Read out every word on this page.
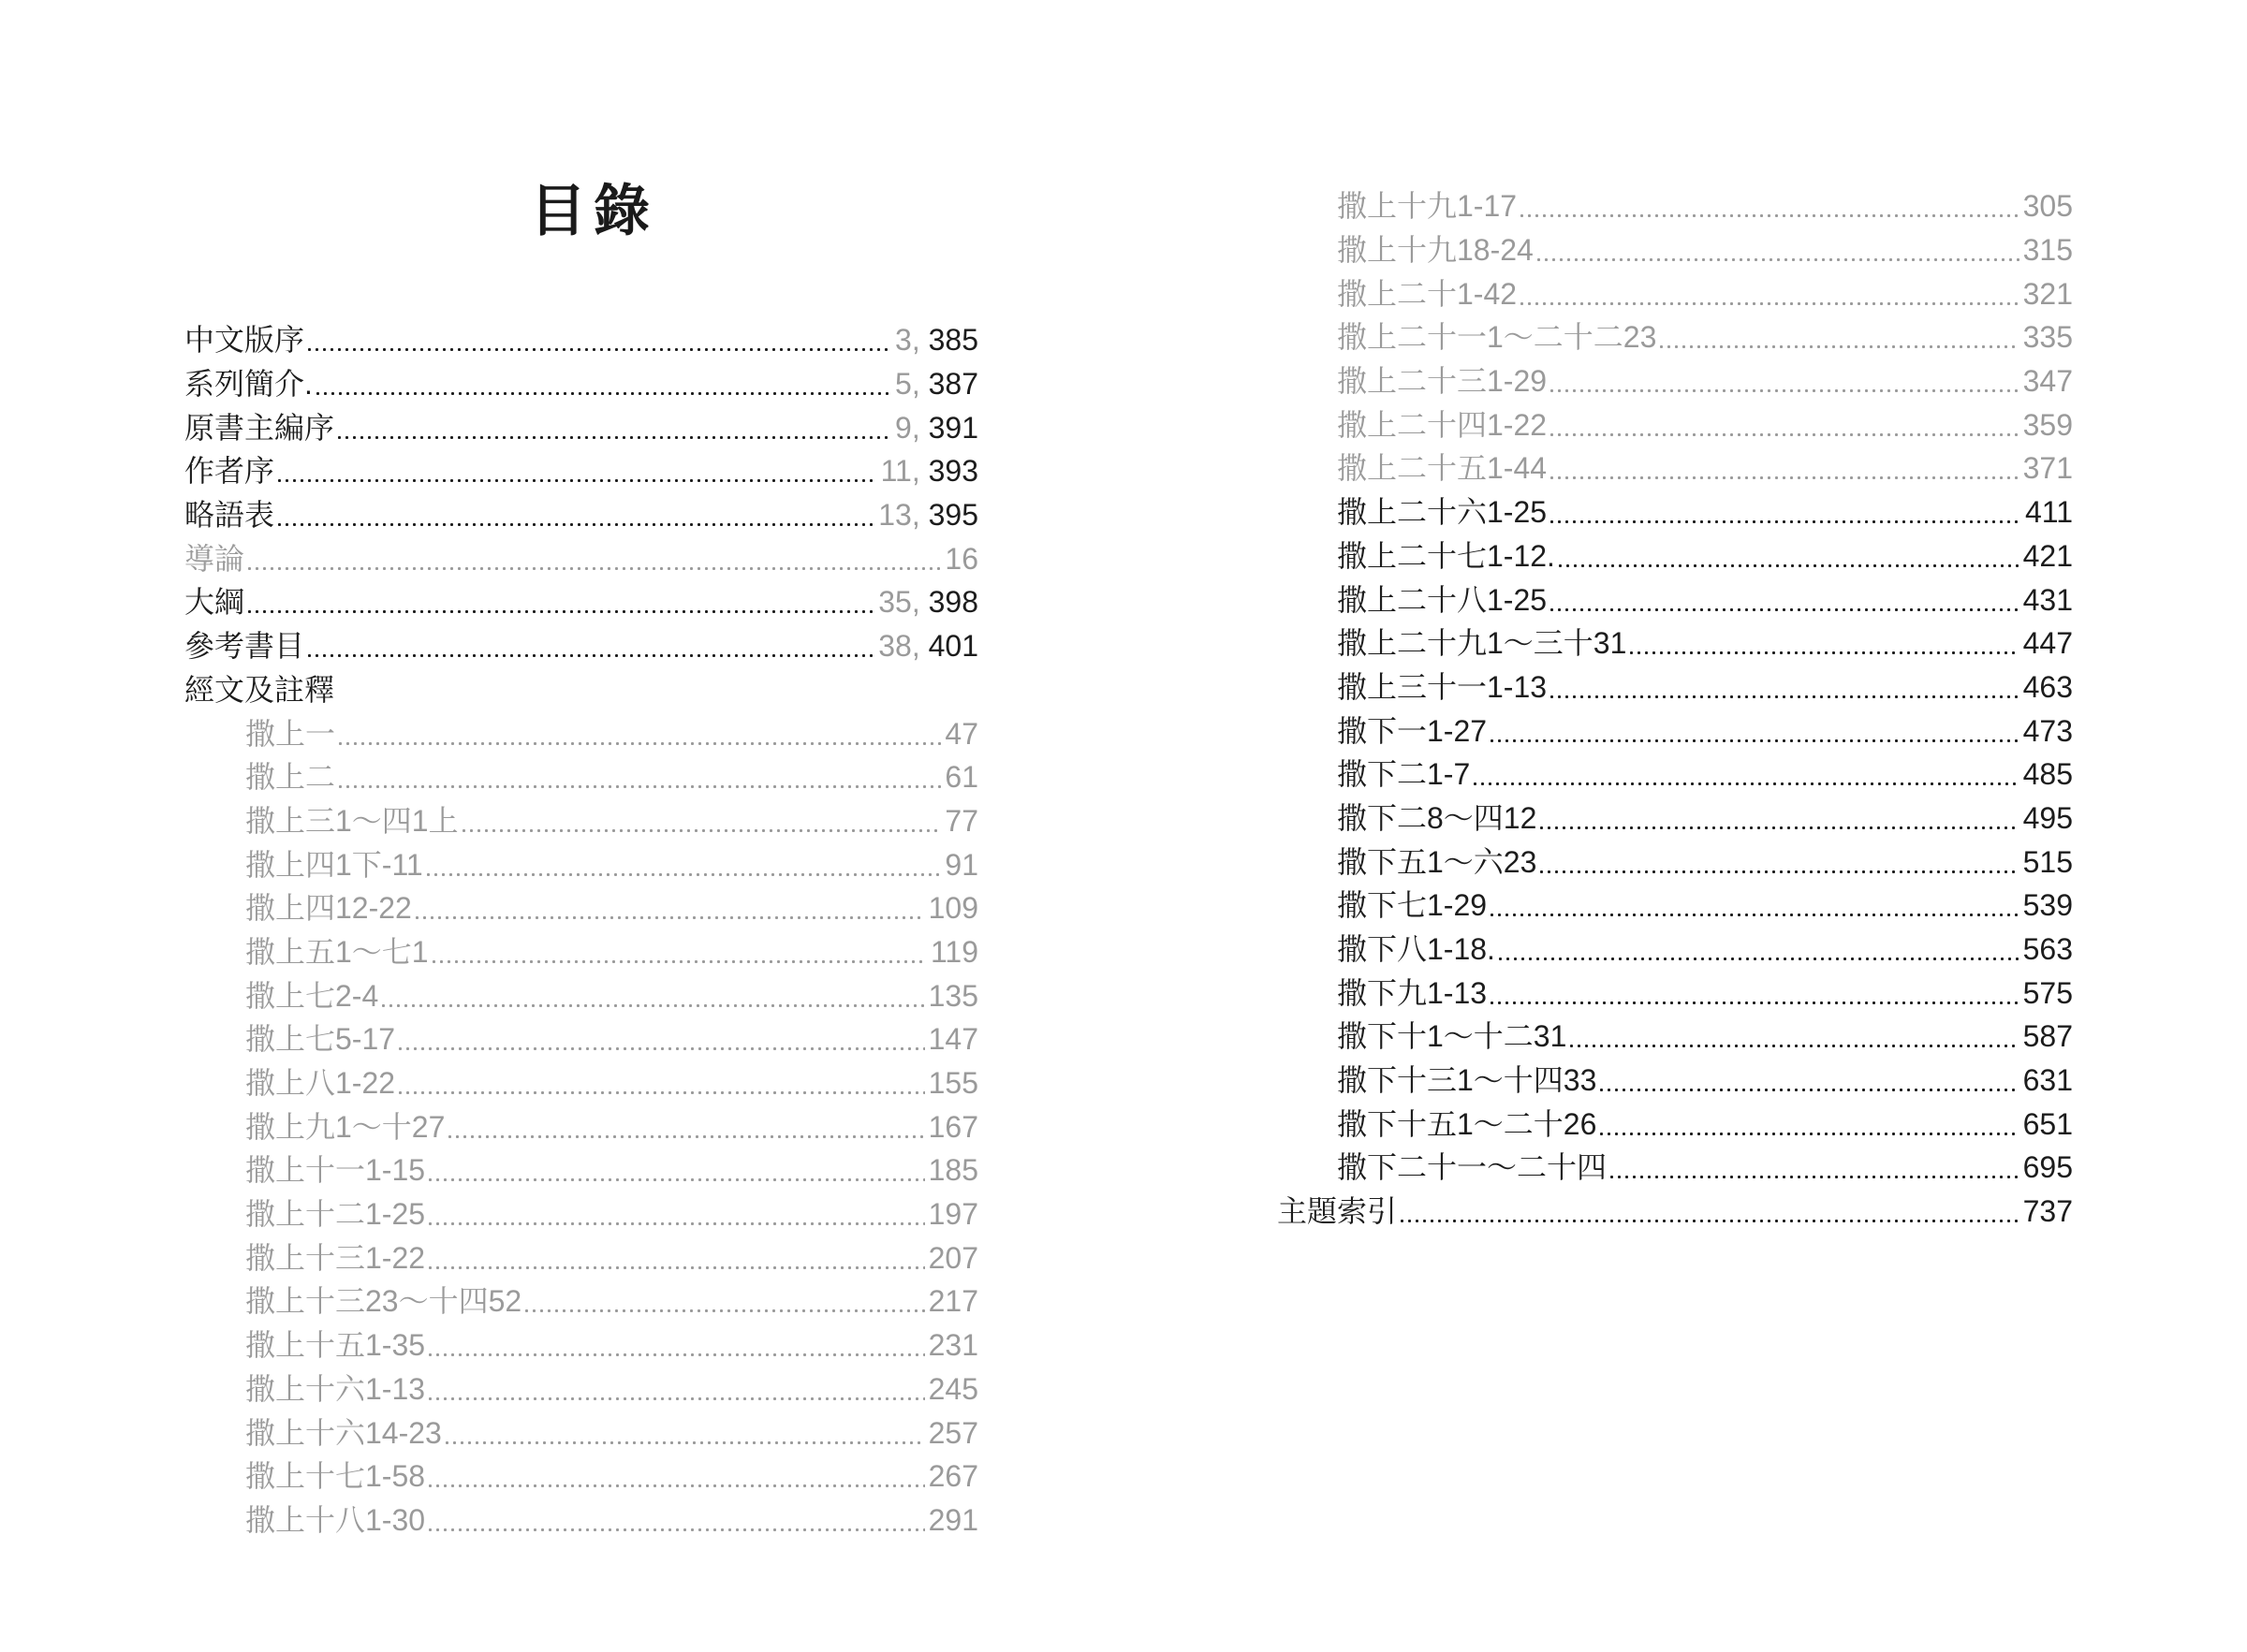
目錄
中文版序	3, 385
系列簡介.	5, 387
原書主編序	9, 391
作者序	11, 393
略語表	13, 395
導論	16
大綱	35, 398
參考書目	38, 401
經文及註釋
撒上一	47
撒上二	61
撒上三1～四1上	77
撒上四1下-11	91
撒上四12-22	109
撒上五1～七1	119
撒上七2-4	135
撒上七5-17	147
撒上八1-22	155
撒上九1～十27	167
撒上十一1-15	185
撒上十二1-25	197
撒上十三1-22	207
撒上十三23～十四52	217
撒上十五1-35	231
撒上十六1-13	245
撒上十六14-23	257
撒上十七1-58	267
撒上十八1-30	291
撒上十九1-17	305
撒上十九18-24	315
撒上二十1-42	321
撒上二十一1～二十二23	335
撒上二十三1-29	347
撒上二十四1-22	359
撒上二十五1-44	371
撒上二十六1-25	411
撒上二十七1-12.	421
撒上二十八1-25	431
撒上二十九1～三十31	447
撒上三十一1-13	463
撒下一1-27	473
撒下二1-7	485
撒下二8～四12	495
撒下五1～六23	515
撒下七1-29	539
撒下八1-18.	563
撒下九1-13	575
撒下十1～十二31	587
撒下十三1～十四33	631
撒下十五1～二十26	651
撒下二十一～二十四	695
主題索引	737
